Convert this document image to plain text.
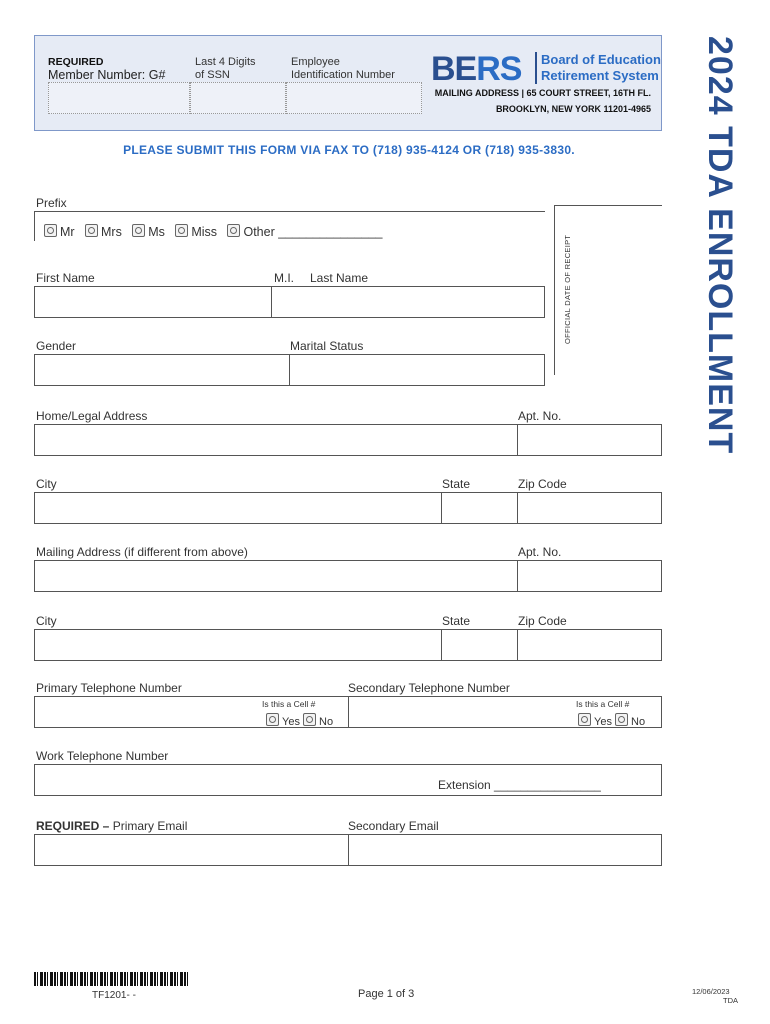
REQUIRED
Member Number: G#
Last 4 Digits
of SSN
Employee
Identification Number BERS Board of Education
Retirement System
MAILING ADDRESS | 65 COURT STREET, 16TH FL.
BROOKLYN, NEW YORK 11201-4965
PLEASE SUBMIT THIS FORM VIA FAX TO (718) 935-4124 OR (718) 935-3830.	2024 TDA ENROLLMENT
Prefix
Mr Mrs Ms Miss Other _______________
OFFICIAL DATE OF RECEIPT
First Name	M.I. Last Name
Gender	Marital Status
Home/Legal Address	Apt. No.
City	State	Zip Code
Mailing Address (if different from above)	Apt. No.
City	State	Zip Code
Primary Telephone Number	Secondary Telephone Number
Is this a Cell #
Yes No
Is this a Cell #
Yes No
Work Telephone Number
Extension ________________
REQUIRED – Primary Email	Secondary Email
TF1201- -	Page 1 of 3	12/06/2023
TDA
